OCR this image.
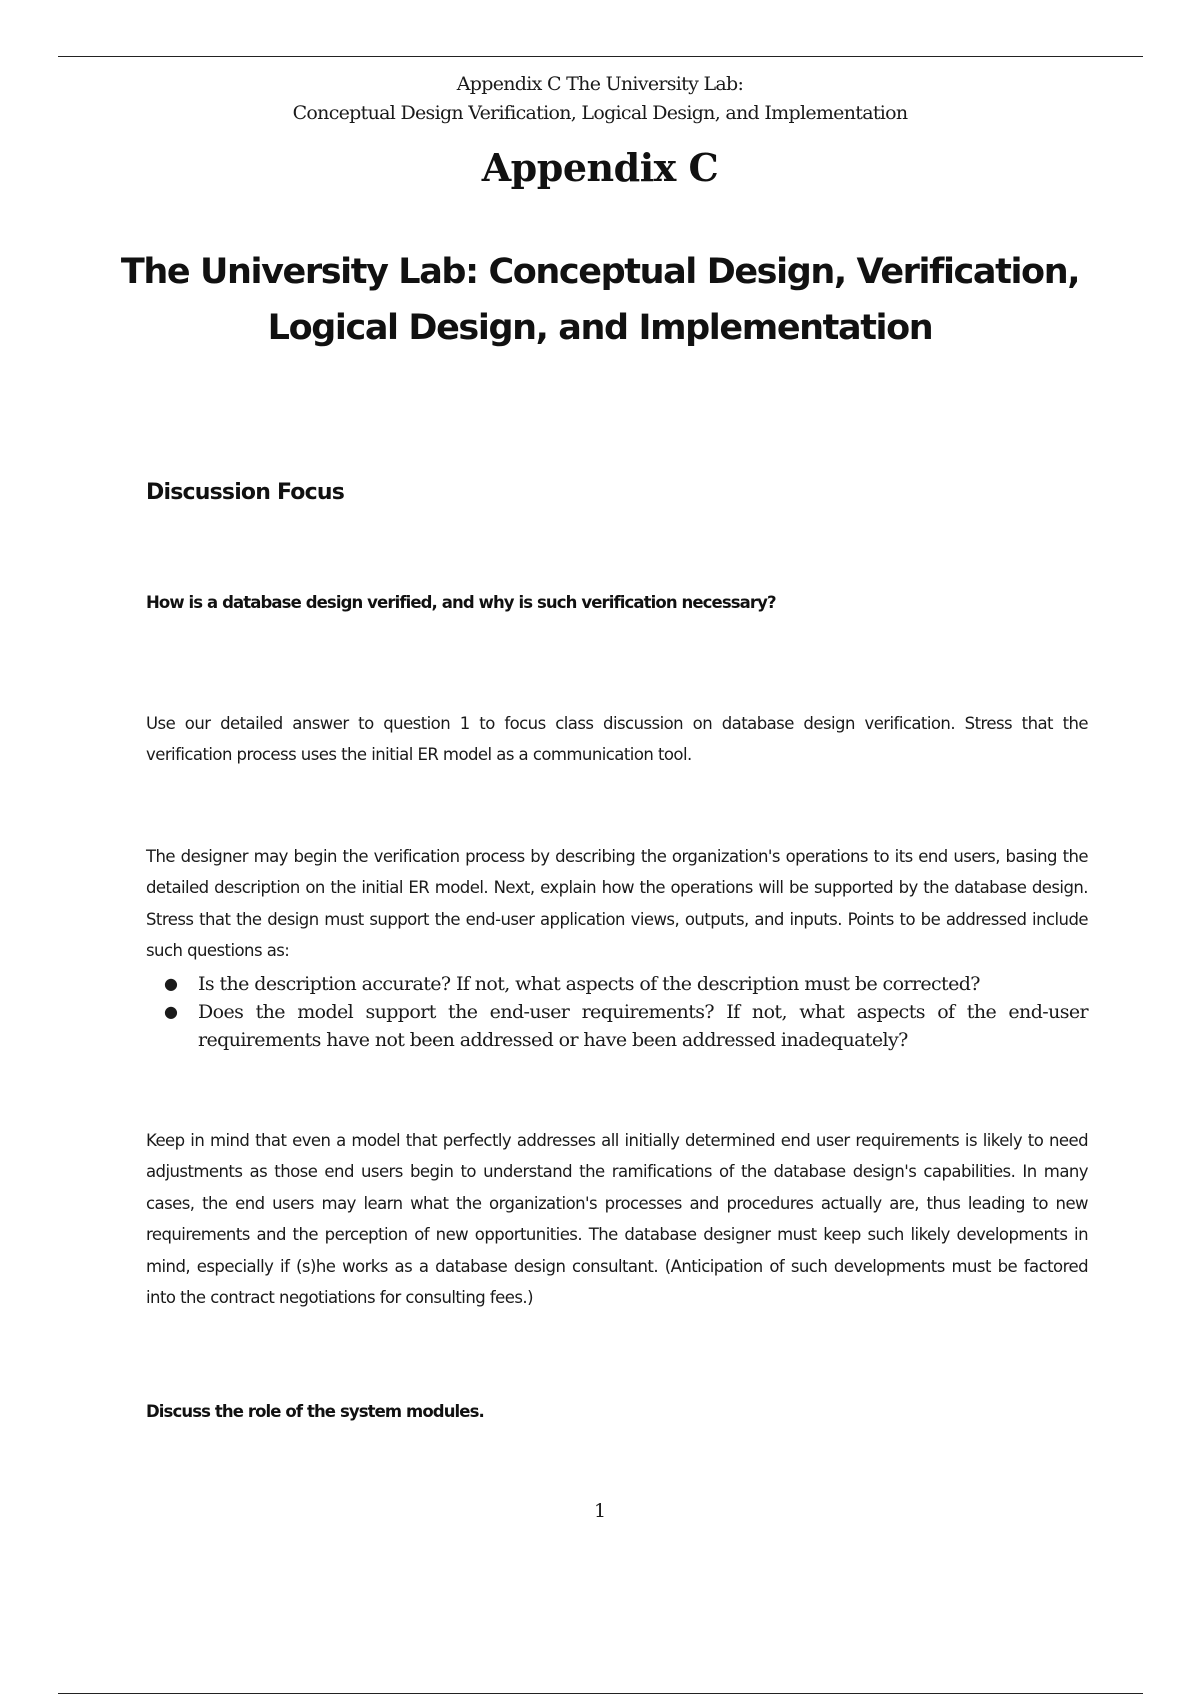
Appendix C The University Lab:
Conceptual Design Verification, Logical Design, and Implementation
Appendix C
The University Lab: Conceptual Design, Verification,
Logical Design, and Implementation
Discussion Focus
How is a database design verified, and why is such verification necessary?

Use our detailed answer to question 1 to focus class discussion on database design verification. Stress that the verification process uses the initial ER model as a communication tool.

The designer may begin the verification process by describing the organization's operations to its end users, basing the detailed description on the initial ER model. Next, explain how the operations will be supported by the database design. Stress that the design must support the end-user application views, outputs, and inputs. Points to be addressed include such questions as:

● Is the description accurate? If not, what aspects of the description must be corrected?
● Does the model support the end-user requirements? If not, what aspects of the end-user requirements have not been addressed or have been addressed inadequately?

Keep in mind that even a model that perfectly addresses all initially determined end user requirements is likely to need adjustments as those end users begin to understand the ramifications of the database design's capabilities. In many cases, the end users may learn what the organization's processes and procedures actually are, thus leading to new requirements and the perception of new opportunities. The database designer must keep such likely developments in mind, especially if (s)he works as a database design consultant. (Anticipation of such developments must be factored into the contract negotiations for consulting fees.)

Discuss the role of the system modules.
1
